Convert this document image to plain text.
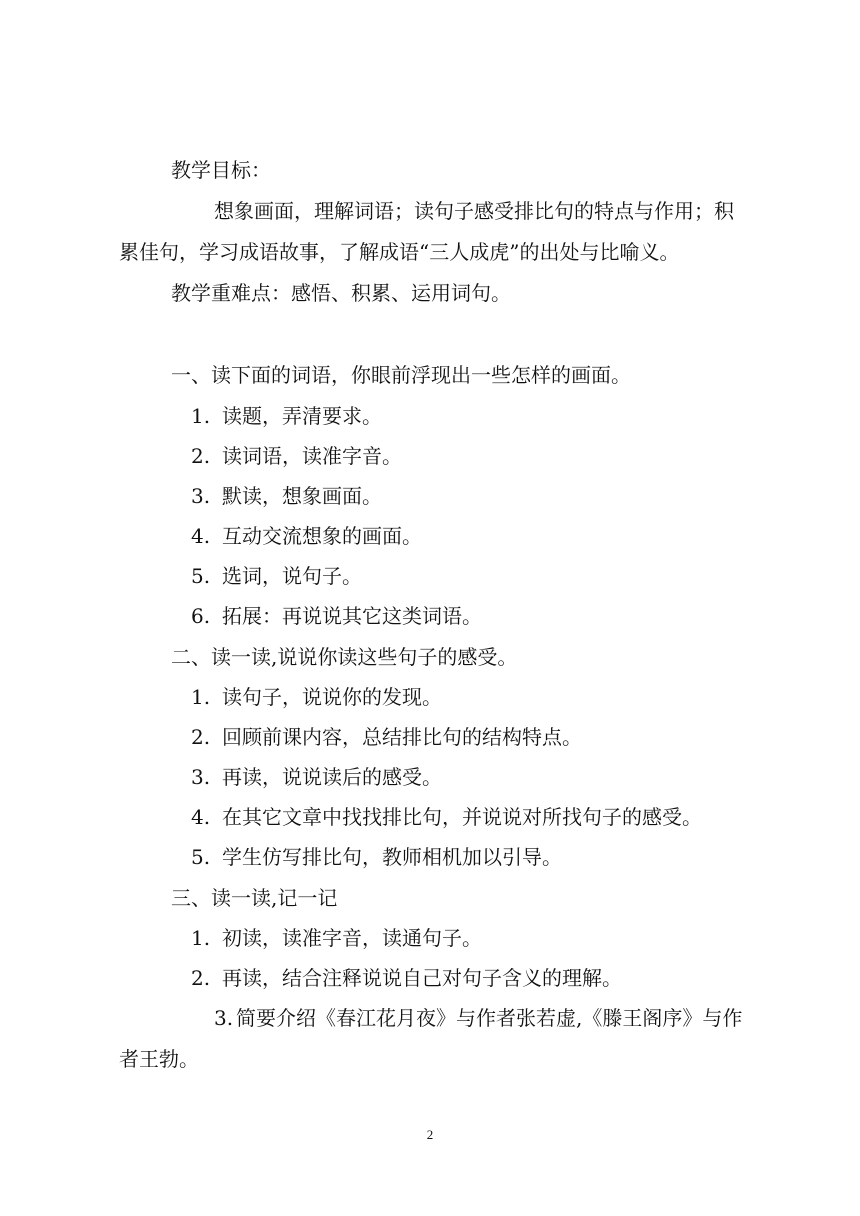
教学目标：
想象画面，理解词语；读句子感受排比句的特点与作用；积
累佳句，学习成语故事，了解成语“三人成虎”的出处与比喻义。
教学重难点：感悟、积累、运用词句。
一、读下面的词语，你眼前浮现出一些怎样的画面。
1. 读题，弄清要求。
2. 读词语，读准字音。
3. 默读，想象画面。
4. 互动交流想象的画面。
5. 选词，说句子。
6. 拓展：再说说其它这类词语。
二、读一读,说说你读这些句子的感受。
1. 读句子，说说你的发现。
2. 回顾前课内容，总结排比句的结构特点。
3. 再读，说说读后的感受。
4. 在其它文章中找找排比句，并说说对所找句子的感受。
5. 学生仿写排比句，教师相机加以引导。
三、读一读,记一记
1. 初读，读准字音，读通句子。
2. 再读，结合注释说说自己对句子含义的理解。
3. 简要介绍《春江花月夜》与作者张若虚,《滕王阁序》与作
者王勃。
2
